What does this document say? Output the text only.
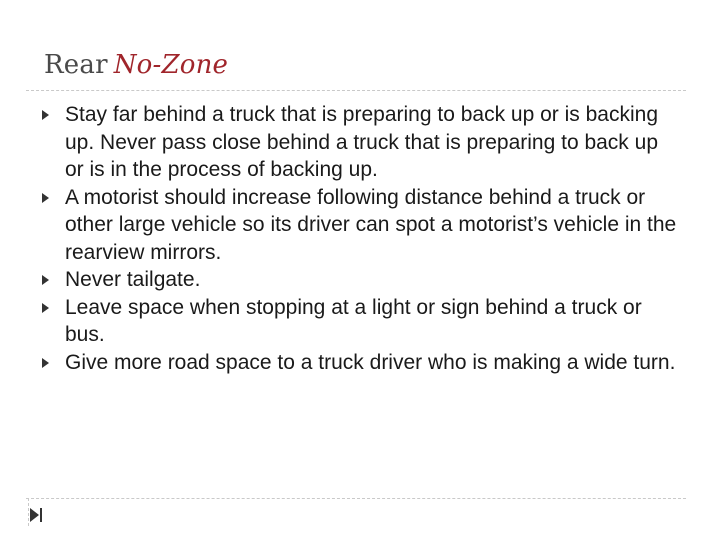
Rear No-Zone
Stay far behind a truck that is preparing to back up or is backing up. Never pass close behind a truck that is preparing to back up or is in the process of backing up.
A motorist should increase following distance behind a truck or other large vehicle so its driver can spot a motorist’s vehicle in the rearview mirrors.
Never tailgate.
Leave space when stopping at a light or sign behind a truck or bus.
Give more road space to a truck driver who is making a wide turn.
